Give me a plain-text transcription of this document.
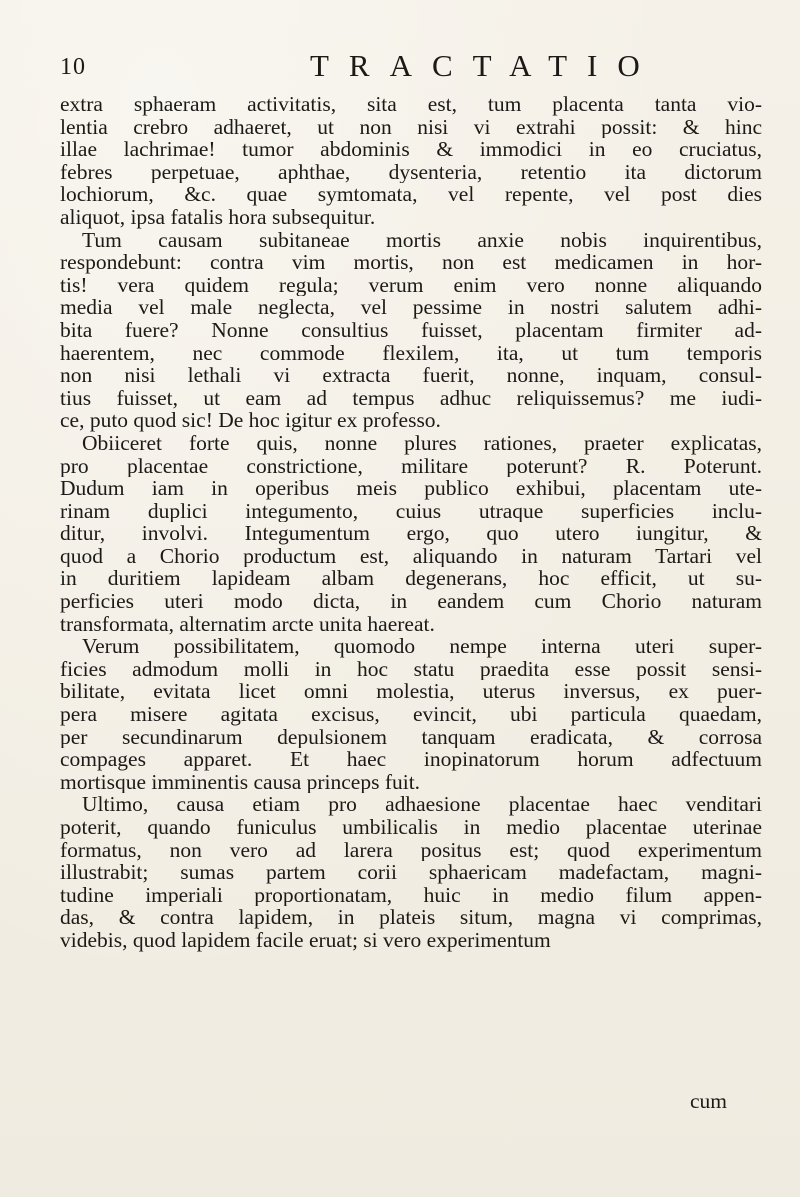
10	TRACTATIO
extra sphaeram activitatis, sita est, tum placenta tanta vio-
lentia crebro adhaeret, ut non nisi vi extrahi possit: & hinc
illae lachrimae! tumor abdominis & immodici in eo cruciatus,
febres perpetuae, aphthae, dysenteria, retentio ita dictorum
lochiorum, &c. quae symtomata, vel repente, vel post dies
aliquot, ipsa fatalis hora subsequitur.
Tum causam subitaneae mortis anxie nobis inquirentibus,
respondebunt: contra vim mortis, non est medicamen in hor-
tis! vera quidem regula; verum enim vero nonne aliquando
media vel male neglecta, vel pessime in nostri salutem adhi-
bita fuere? Nonne consultius fuisset, placentam firmiter ad-
haerentem, nec commode flexilem, ita, ut tum temporis
non nisi lethali vi extracta fuerit, nonne, inquam, consul-
tius fuisset, ut eam ad tempus adhuc reliquissemus? me iudi-
ce, puto quod sic! De hoc igitur ex professo.
Obiiceret forte quis, nonne plures rationes, praeter explicatas,
pro placentae constrictione, militare poterunt? R. Poterunt.
Dudum iam in operibus meis publico exhibui, placentam ute-
rinam duplici integumento, cuius utraque superficies inclu-
ditur, involvi. Integumentum ergo, quo utero iungitur, &
quod a Chorio productum est, aliquando in naturam Tartari vel
in duritiem lapideam albam degenerans, hoc efficit, ut su-
perficies uteri modo dicta, in eandem cum Chorio naturam
transformata, alternatim arcte unita haereat.
Verum possibilitatem, quomodo nempe interna uteri super-
ficies admodum molli in hoc statu praedita esse possit sensi-
bilitate, evitata licet omni molestia, uterus inversus, ex puer-
pera misere agitata excisus, evincit, ubi particula quaedam,
per secundinarum depulsionem tanquam eradicata, & corrosa
compages apparet. Et haec inopinatorum horum adfectuum
mortisque imminentis causa princeps fuit.
Ultimo, causa etiam pro adhaesione placentae haec venditari
poterit, quando funiculus umbilicalis in medio placentae uterinae
formatus, non vero ad larera positus est; quod experimentum
illustrabit; sumas partem corii sphaericam madefactam, magni-
tudine imperiali proportionatam, huic in medio filum appen-
das, & contra lapidem, in plateis situm, magna vi comprimas,
videbis, quod lapidem facile eruat; si vero experimentum
cum
